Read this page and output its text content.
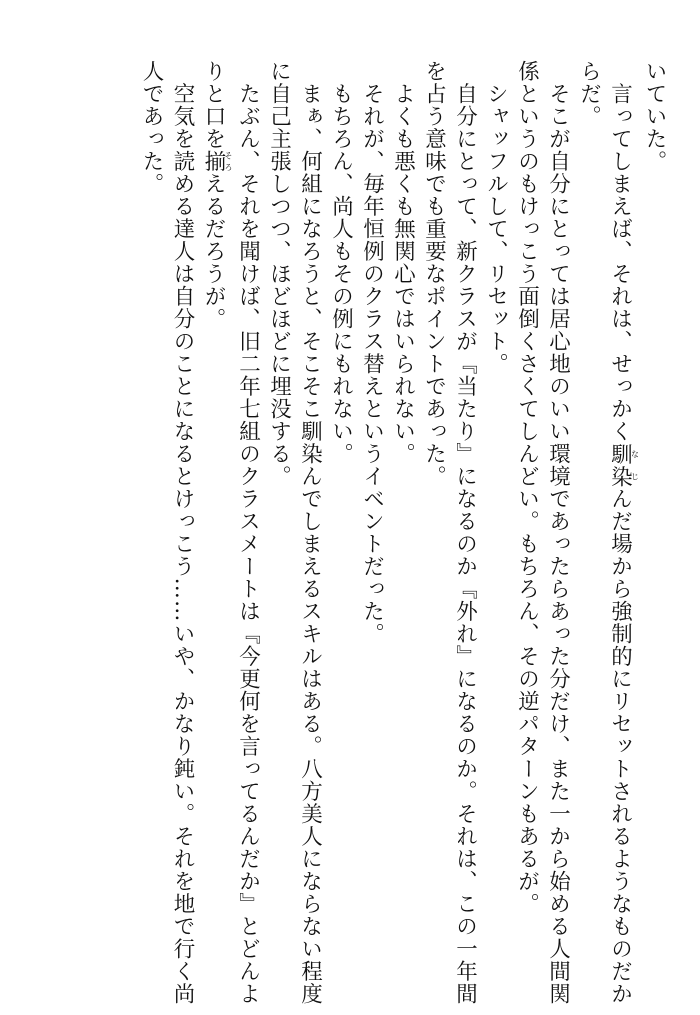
いていた。
　言ってしまえば、それは、せっかく馴染なじんだ場から強制的にリセットされるようなものだか
らだ。
　そこが自分にとっては居心地のいい環境であったらあった分だけ、また一から始める人間関
係というのもけっこう面倒くさくてしんどい。もちろん、その逆パターンもあるが。
　シャッフルして、リセット。
　自分にとって、新クラスが『当たり』になるのか『外れ』になるのか。それは、この一年間
を占う意味でも重要なポイントであった。
　よくも悪くも無関心ではいられない。
　それが、毎年恒例のクラス替えというイベントだった。
　もちろん、尚人もその例にもれない。
　まぁ、何組になろうと、そこそこ馴染んでしまえるスキルはある。八方美人にならない程度
に自己主張しつつ、ほどほどに埋没する。
　たぶん、それを聞けば、旧二年七組のクラスメートは『今更何を言ってるんだか』とどんよ
りと口を揃そろえるだろうが。
　空気を読める達人は自分のことになるとけっこう……いや、かなり鈍い。それを地で行く尚
人であった。
